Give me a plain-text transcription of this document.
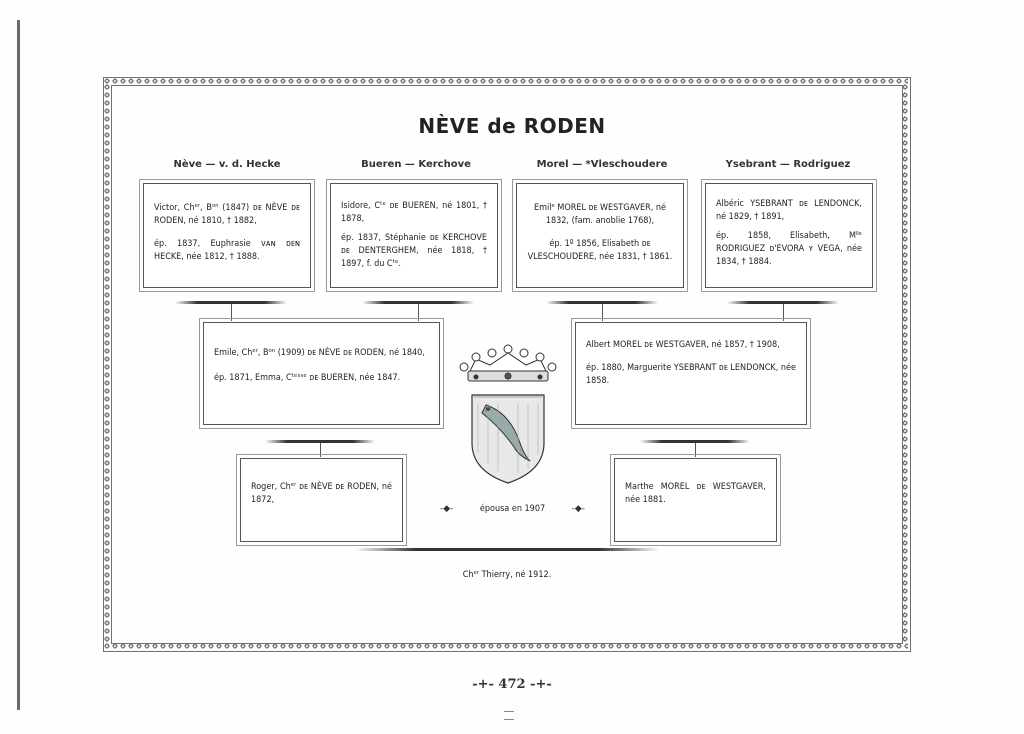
NÈVE de RODEN
Nève — v. d. Hecke	Bueren — Kerchove	Morel — *Vleschoudere	Ysebrant — Rodriguez

Victor, Chᵉʳ, Bᵒⁿ (1847) ᴅᴇ NÈVE ᴅᴇ RODEN, né 1810, † 1882,

ép. 1837, Euphrasie ᴠᴀɴ ᴅᴇɴ HECKE, née 1812, † 1888.

Isidore, Cᵗᵉ ᴅᴇ BUEREN, né 1801, † 1878,

ép. 1837, Stéphanie ᴅᴇ KERCHOVE ᴅᴇ DENTERGHEM, née 1818, † 1897, f. du Cᵗᵉ.

Emilᵉ MOREL ᴅᴇ WESTGAVER, né 1832, (fam. anoblie 1768),

ép. 1º 1856, Elisabeth ᴅᴇ VLESCHOUDERE, née 1831, † 1861.

Albéric YSEBRANT ᴅᴇ LENDONCK, né 1829, † 1891,

ép. 1858, Elisabeth, Mˡˡᵉ RODRIGUEZ ᴅ'EVORA ʏ VEGA, née 1834, † 1884.

Emile, Chᵉʳ, Bᵒⁿ (1909) ᴅᴇ NÈVE ᴅᴇ RODEN, né 1840,

ép. 1871, Emma, Cᵗᵉˢˢᵉ ᴅᴇ BUEREN, née 1847.

Albert MOREL ᴅᴇ WESTGAVER, né 1857, † 1908,

ép. 1880, Marguerite YSEBRANT ᴅᴇ LENDONCK, née 1858.

Roger, Chᵉʳ ᴅᴇ NÈVE ᴅᴇ RODEN, né 1872,

Marthe MOREL ᴅᴇ WESTGAVER, née 1881.

-◆-	épousa en 1907	-◆-
Chᵉʳ Thierry, né 1912.
-+- 472 -+-
